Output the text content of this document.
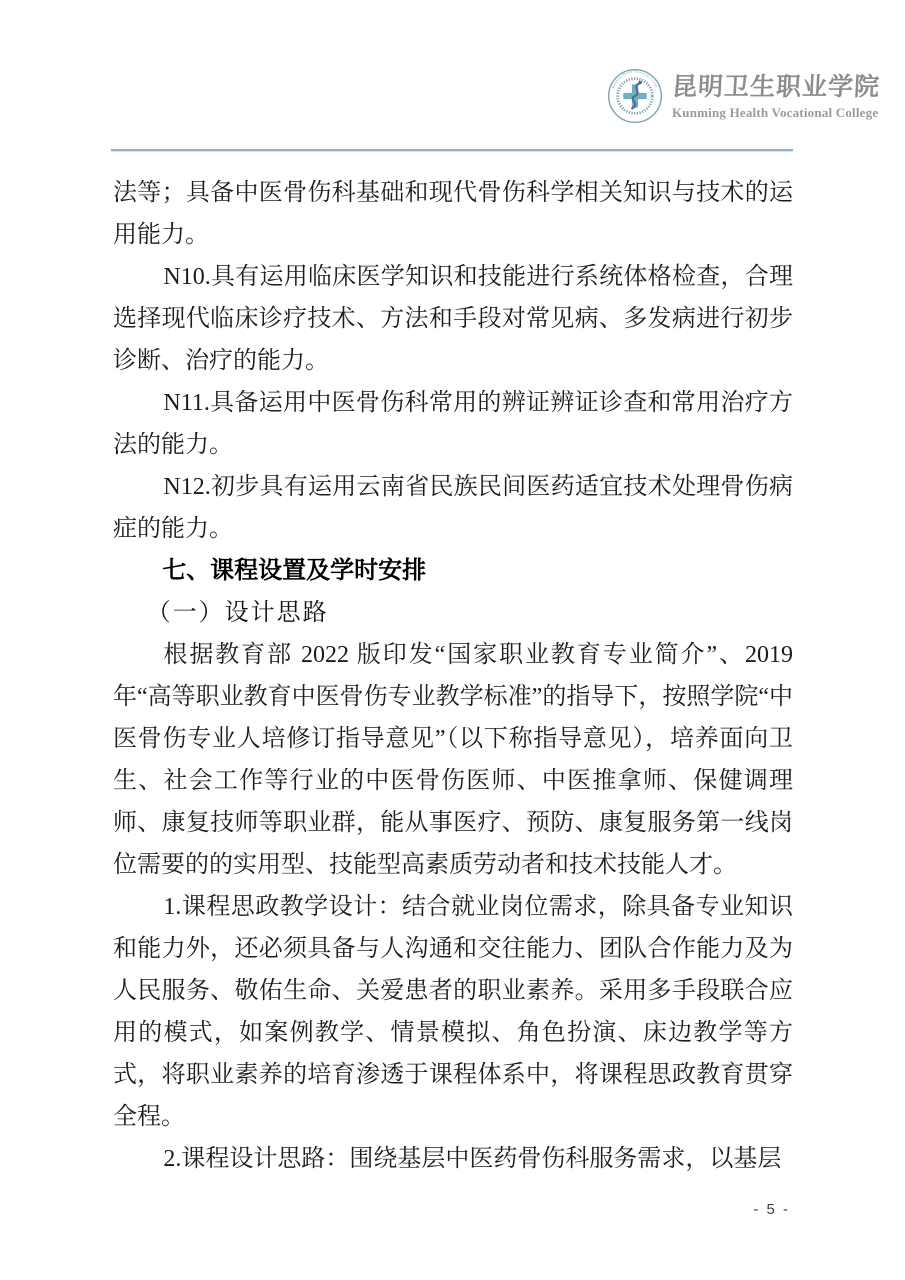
Kunming Health Vocational College 昆明卫生职业学院
Kunming Health Vocational College

法等；具备中医骨伤科基础和现代骨伤科学相关知识与技术的运用能力。

N10.具有运用临床医学知识和技能进行系统体格检查，合理选择现代临床诊疗技术、方法和手段对常见病、多发病进行初步诊断、治疗的能力。

N11.具备运用中医骨伤科常用的辨证辨证诊查和常用治疗方法的能力。

N12.初步具有运用云南省民族民间医药适宜技术处理骨伤病症的能力。

七、课程设置及学时安排
（一）设计思路

根据教育部 2022 版印发“国家职业教育专业简介”、2019 年“高等职业教育中医骨伤专业教学标准”的指导下，按照学院“中医骨伤专业人培修订指导意见”（以下称指导意见），培养面向卫生、社会工作等行业的中医骨伤医师、中医推拿师、保健调理师、康复技师等职业群，能从事医疗、预防、康复服务第一线岗位需要的的实用型、技能型高素质劳动者和技术技能人才。

1.课程思政教学设计：结合就业岗位需求，除具备专业知识和能力外，还必须具备与人沟通和交往能力、团队合作能力及为人民服务、敬佑生命、关爱患者的职业素养。采用多手段联合应用的模式，如案例教学、情景模拟、角色扮演、床边教学等方式，将职业素养的培育渗透于课程体系中，将课程思政教育贯穿全程。

2.课程设计思路：围绕基层中医药骨伤科服务需求，以基层

- 5 -
